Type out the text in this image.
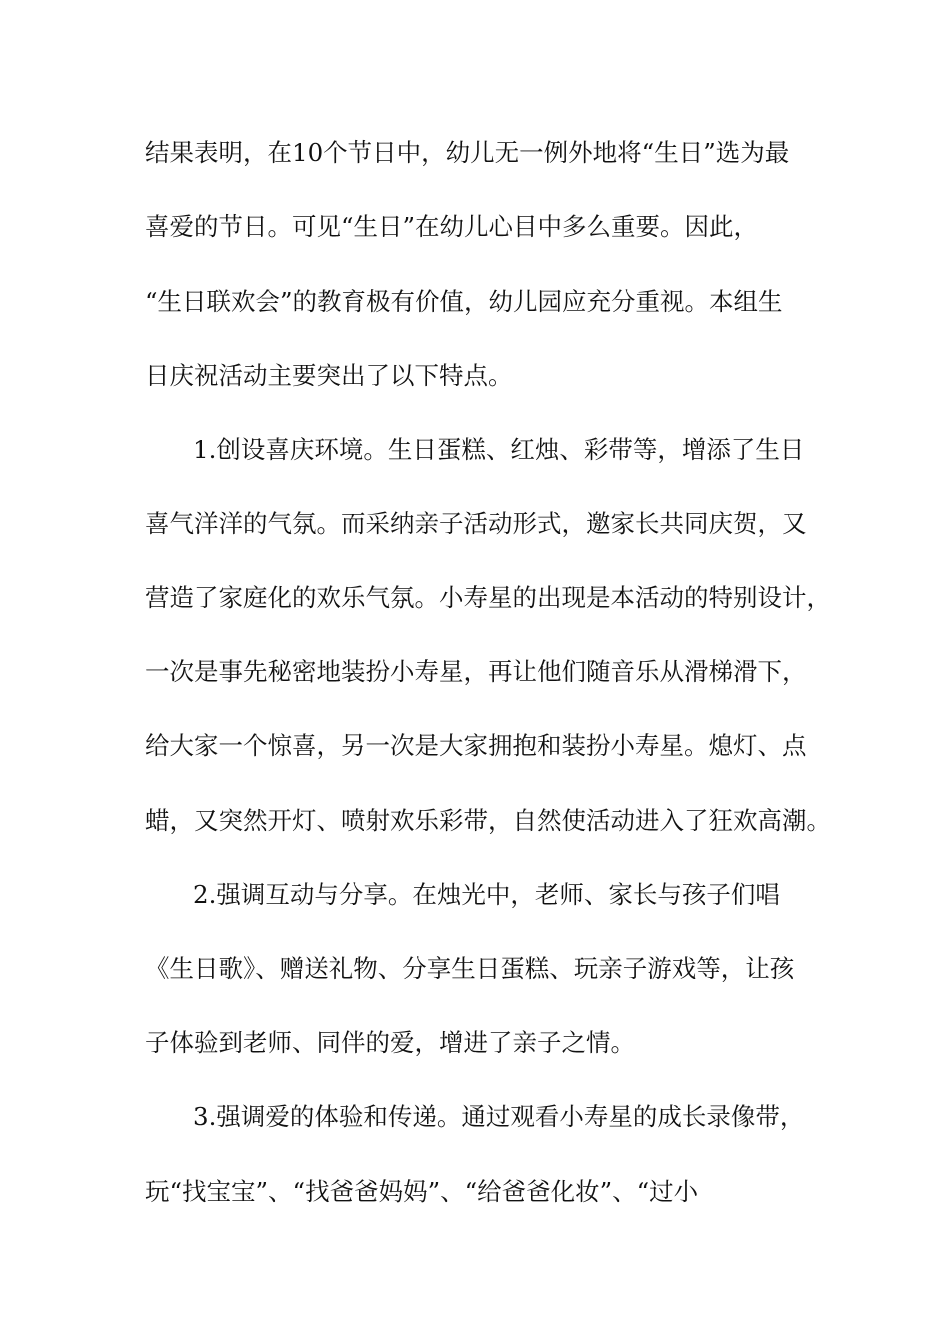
结果表明，在10个节日中，幼儿无一例外地将“生日”选为最
喜爱的节日。可见“生日”在幼儿心目中多么重要。因此，
“生日联欢会”的教育极有价值，幼儿园应充分重视。本组生
日庆祝活动主要突出了以下特点。
1.创设喜庆环境。生日蛋糕、红烛、彩带等，增添了生日
喜气洋洋的气氛。而采纳亲子活动形式，邀家长共同庆贺，又
营造了家庭化的欢乐气氛。小寿星的出现是本活动的特别设计，
一次是事先秘密地装扮小寿星，再让他们随音乐从滑梯滑下，
给大家一个惊喜，另一次是大家拥抱和装扮小寿星。熄灯、点
蜡，又突然开灯、喷射欢乐彩带，自然使活动进入了狂欢高潮。
2.强调互动与分享。在烛光中，老师、家长与孩子们唱
《生日歌》、赠送礼物、分享生日蛋糕、玩亲子游戏等，让孩
子体验到老师、同伴的爱，增进了亲子之情。
3.强调爱的体验和传递。通过观看小寿星的成长录像带，
玩“找宝宝”、“找爸爸妈妈”、“给爸爸化妆”、“过小
